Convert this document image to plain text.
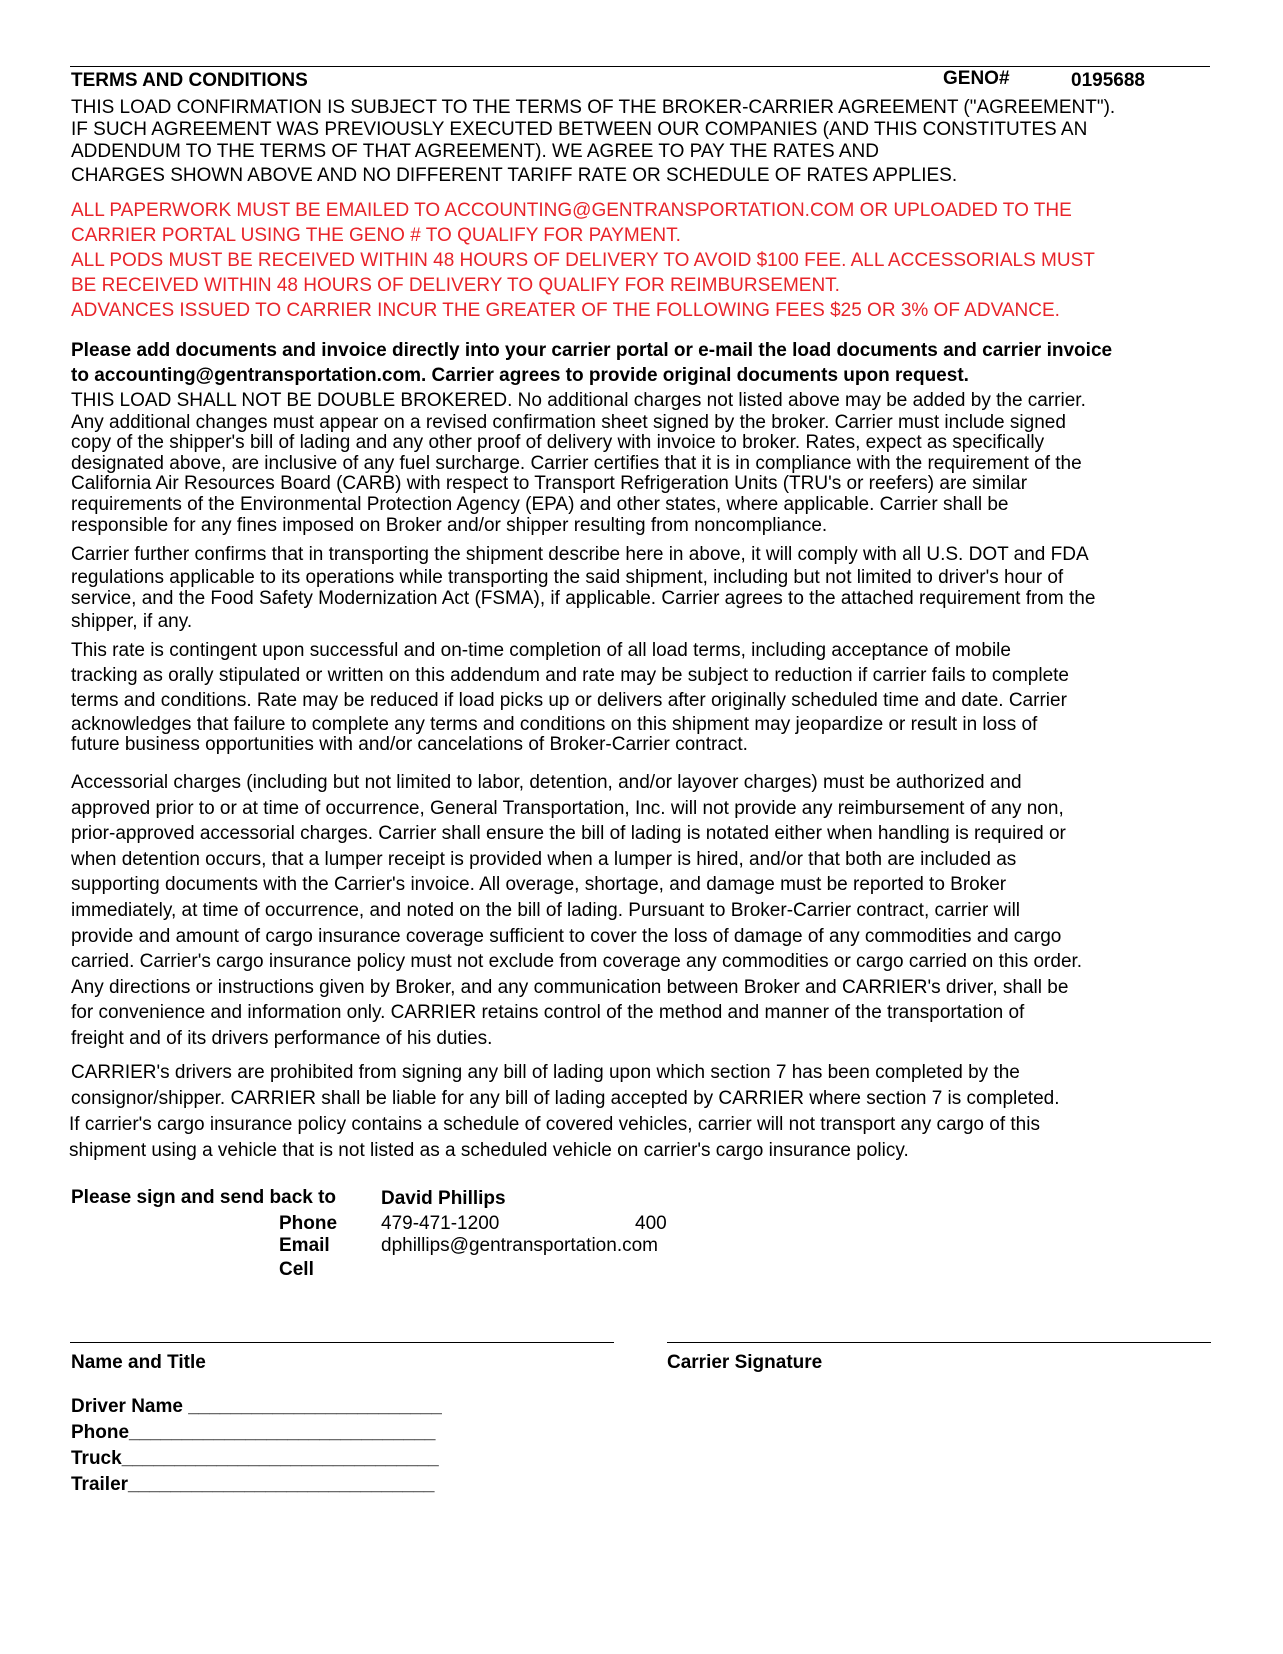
TERMS AND CONDITIONS	GENO#	0195688

THIS LOAD CONFIRMATION IS SUBJECT TO THE TERMS OF THE BROKER-CARRIER AGREEMENT ("AGREEMENT").

IF SUCH AGREEMENT WAS PREVIOUSLY EXECUTED BETWEEN OUR COMPANIES (AND THIS CONSTITUTES AN

ADDENDUM TO THE TERMS OF THAT AGREEMENT). WE AGREE TO PAY THE RATES AND

CHARGES SHOWN ABOVE AND NO DIFFERENT TARIFF RATE OR SCHEDULE OF RATES APPLIES.

ALL PAPERWORK MUST BE EMAILED TO ACCOUNTING@GENTRANSPORTATION.COM OR UPLOADED TO THE

CARRIER PORTAL USING THE GENO # TO QUALIFY FOR PAYMENT.

ALL PODS MUST BE RECEIVED WITHIN 48 HOURS OF DELIVERY TO AVOID $100 FEE. ALL ACCESSORIALS MUST

BE RECEIVED WITHIN 48 HOURS OF DELIVERY TO QUALIFY FOR REIMBURSEMENT.

ADVANCES ISSUED TO CARRIER INCUR THE GREATER OF THE FOLLOWING FEES $25 OR 3% OF ADVANCE.

Please add documents and invoice directly into your carrier portal or e-mail the load documents and carrier invoice

to accounting@gentransportation.com. Carrier agrees to provide original documents upon request.

THIS LOAD SHALL NOT BE DOUBLE BROKERED. No additional charges not listed above may be added by the carrier.

Any additional changes must appear on a revised confirmation sheet signed by the broker. Carrier must include signed

copy of the shipper's bill of lading and any other proof of delivery with invoice to broker. Rates, expect as specifically

designated above, are inclusive of any fuel surcharge. Carrier certifies that it is in compliance with the requirement of the

California Air Resources Board (CARB) with respect to Transport Refrigeration Units (TRU's or reefers) are similar

requirements of the Environmental Protection Agency (EPA) and other states, where applicable. Carrier shall be

responsible for any fines imposed on Broker and/or shipper resulting from noncompliance.

Carrier further confirms that in transporting the shipment describe here in above, it will comply with all U.S. DOT and FDA

regulations applicable to its operations while transporting the said shipment, including but not limited to driver's hour of

service, and the Food Safety Modernization Act (FSMA), if applicable. Carrier agrees to the attached requirement from the

shipper, if any.

This rate is contingent upon successful and on-time completion of all load terms, including acceptance of mobile

tracking as orally stipulated or written on this addendum and rate may be subject to reduction if carrier fails to complete

terms and conditions. Rate may be reduced if load picks up or delivers after originally scheduled time and date. Carrier

acknowledges that failure to complete any terms and conditions on this shipment may jeopardize or result in loss of

future business opportunities with and/or cancelations of Broker-Carrier contract.

Accessorial charges (including but not limited to labor, detention, and/or layover charges) must be authorized and

approved prior to or at time of occurrence, General Transportation, Inc. will not provide any reimbursement of any non,

prior-approved accessorial charges. Carrier shall ensure the bill of lading is notated either when handling is required or

when detention occurs, that a lumper receipt is provided when a lumper is hired, and/or that both are included as

supporting documents with the Carrier's invoice. All overage, shortage, and damage must be reported to Broker

immediately, at time of occurrence, and noted on the bill of lading. Pursuant to Broker-Carrier contract, carrier will

provide and amount of cargo insurance coverage sufficient to cover the loss of damage of any commodities and cargo

carried. Carrier's cargo insurance policy must not exclude from coverage any commodities or cargo carried on this order.

Any directions or instructions given by Broker, and any communication between Broker and CARRIER's driver, shall be

for convenience and information only. CARRIER retains control of the method and manner of the transportation of

freight and of its drivers performance of his duties.

CARRIER's drivers are prohibited from signing any bill of lading upon which section 7 has been completed by the

consignor/shipper. CARRIER shall be liable for any bill of lading accepted by CARRIER where section 7 is completed.

If carrier's cargo insurance policy contains a schedule of covered vehicles, carrier will not transport any cargo of this

shipment using a vehicle that is not listed as a scheduled vehicle on carrier's cargo insurance policy.

Please sign and send back to David Phillips
Phone 479-471-1200	400
Email	dphillips@gentransportation.com
Cell
Name and Title	Carrier Signature
Driver Name ________________________
Phone_____________________________
Truck______________________________
Trailer_____________________________
